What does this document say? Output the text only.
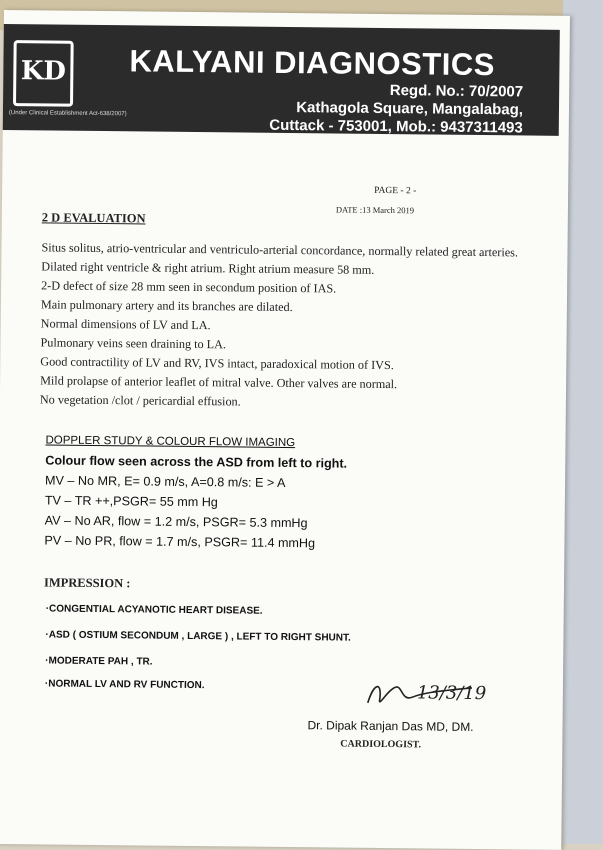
KD
(Under Clinical Establishment Act-638/2007)
KALYANI DIAGNOSTICS
Regd. No.: 70/2007
Kathagola Square, Mangalabag,
Cuttack - 753001, Mob.: 9437311493
PAGE - 2 -
DATE :13 March 2019
2 D EVALUATION
Situs solitus, atrio-ventricular and ventriculo-arterial concordance, normally related great arteries.
Dilated right ventricle & right atrium. Right atrium measure 58 mm.
2-D defect of size 28 mm seen in secondum position of IAS.
Main pulmonary artery and its branches are dilated.
Normal dimensions of LV and LA.
Pulmonary veins seen draining to LA.
Good contractility of LV and RV, IVS intact, paradoxical motion of IVS.
Mild prolapse of anterior leaflet of mitral valve. Other valves are normal.
No vegetation /clot / pericardial effusion.
DOPPLER STUDY & COLOUR FLOW IMAGING
Colour flow seen across the ASD from left to right.
MV – No MR, E= 0.9 m/s, A=0.8 m/s: E > A
TV – TR ++,PSGR= 55 mm Hg
AV – No AR, flow = 1.2 m/s, PSGR= 5.3 mmHg
PV – No PR, flow = 1.7 m/s, PSGR= 11.4 mmHg
IMPRESSION :
·CONGENTIAL ACYANOTIC HEART DISEASE.
·ASD ( OSTIUM SECONDUM , LARGE ) , LEFT TO RIGHT SHUNT.
·MODERATE PAH , TR.
·NORMAL LV AND RV FUNCTION.	13/3/19
Dr. Dipak Ranjan Das MD, DM.
CARDIOLOGIST.
